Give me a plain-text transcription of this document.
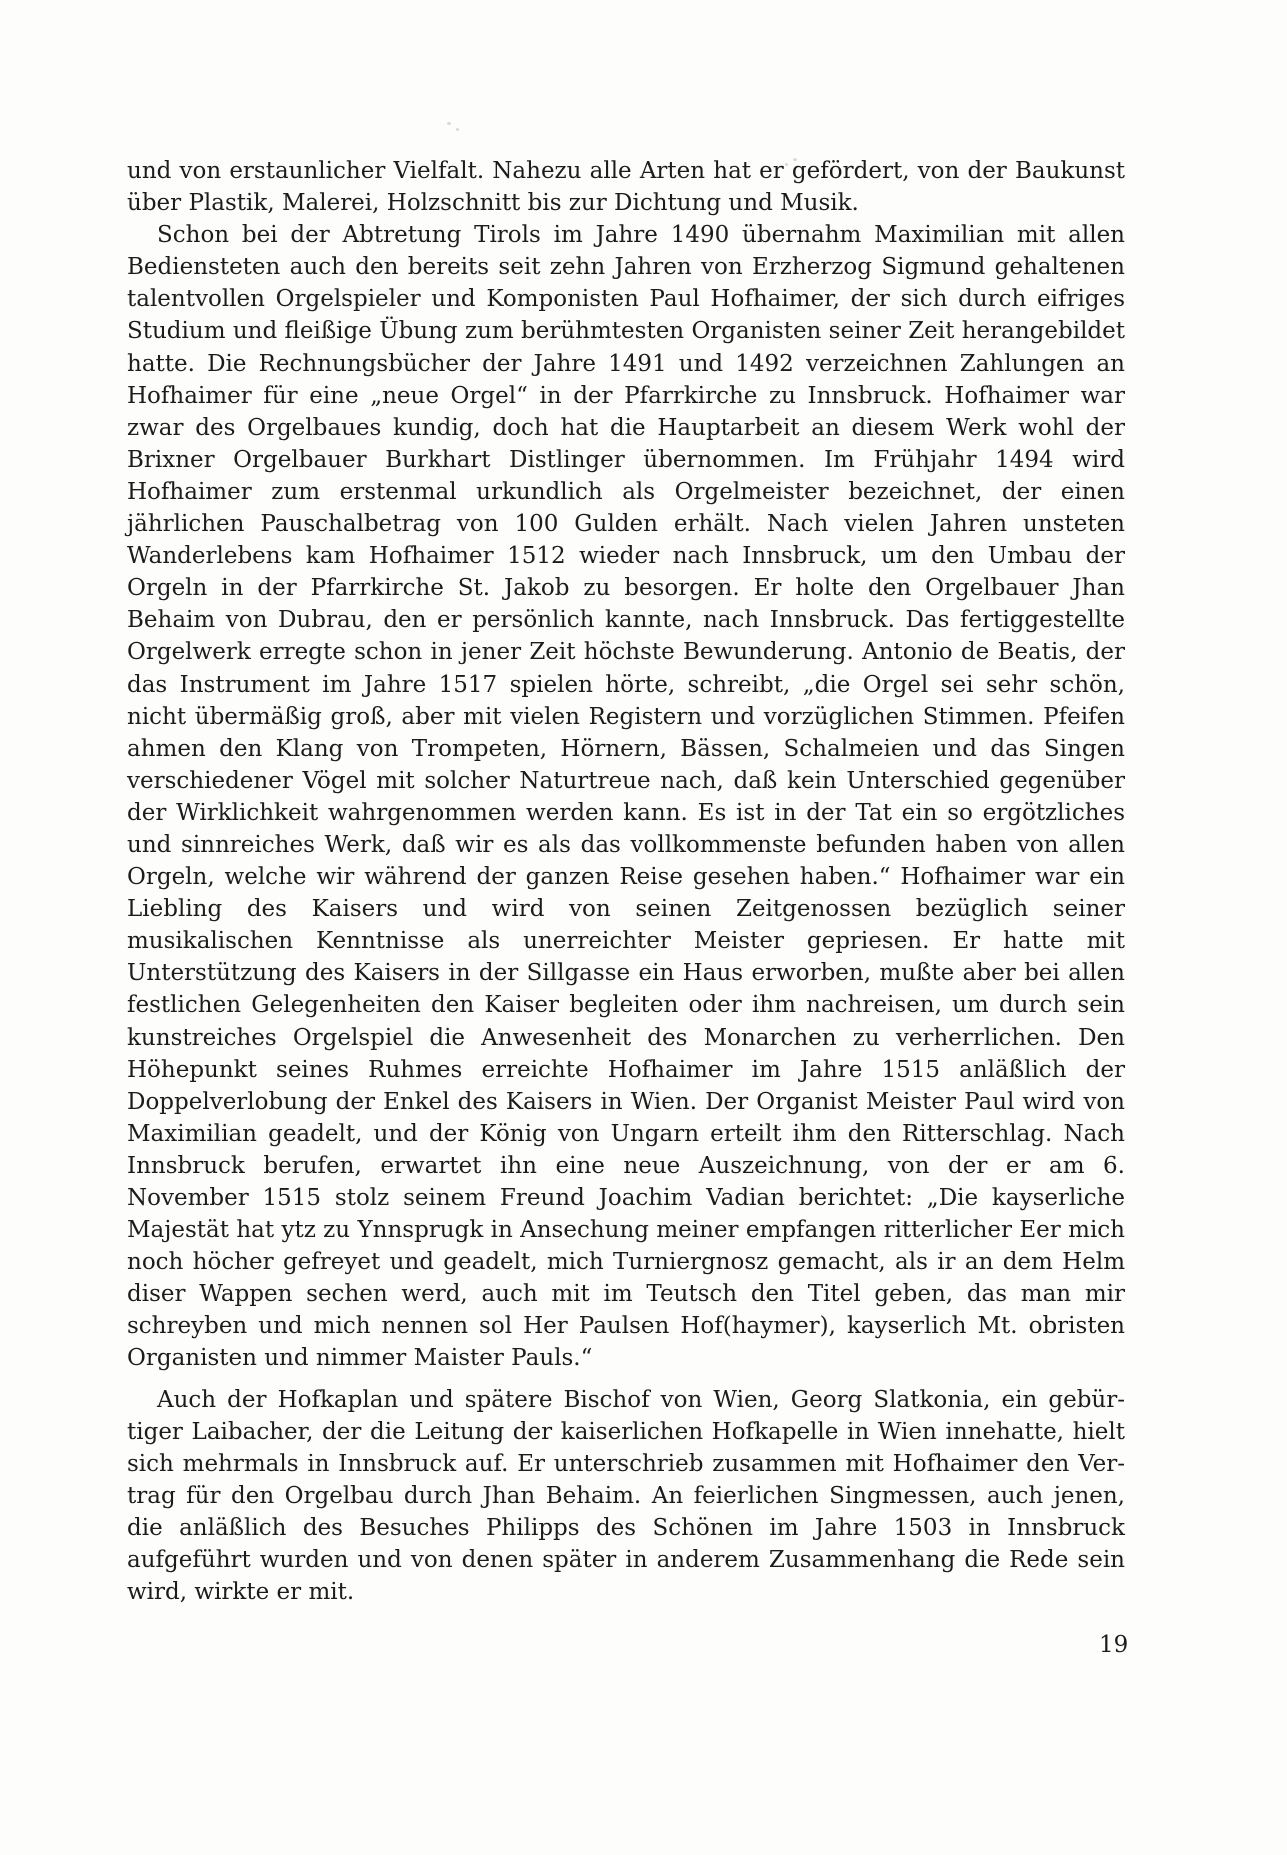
und von erstaunlicher Vielfalt. Nahezu alle Arten hat er gefördert, von der Baukunst über Plastik, Malerei, Holzschnitt bis zur Dichtung und Musik.

Schon bei der Abtretung Tirols im Jahre 1490 übernahm Maximilian mit allen Bediensteten auch den bereits seit zehn Jahren von Erzherzog Sigmund gehaltenen talentvollen Orgelspieler und Komponisten Paul Hofhaimer, der sich durch eifriges Studium und fleißige Übung zum berühmtesten Organisten seiner Zeit herangebildet hatte. Die Rechnungsbücher der Jahre 1491 und 1492 verzeichnen Zahlungen an Hofhaimer für eine „neue Orgel“ in der Pfarrkirche zu Innsbruck. Hofhaimer war zwar des Orgelbaues kundig, doch hat die Hauptarbeit an diesem Werk wohl der Brixner Orgelbauer Burkhart Distlinger übernommen. Im Frühjahr 1494 wird Hofhaimer zum erstenmal urkundlich als Orgelmeister bezeichnet, der einen jährlichen Pauschalbetrag von 100 Gulden erhält. Nach vielen Jahren unsteten Wanderlebens kam Hofhaimer 1512 wieder nach Innsbruck, um den Umbau der Orgeln in der Pfarrkirche St. Jakob zu besorgen. Er holte den Orgelbauer Jhan Behaim von Dubrau, den er persönlich kannte, nach Innsbruck. Das fertiggestellte Orgelwerk erregte schon in jener Zeit höchste Bewunderung. Antonio de Beatis, der das Instrument im Jahre 1517 spielen hörte, schreibt, „die Orgel sei sehr schön, nicht übermäßig groß, aber mit vielen Registern und vorzüglichen Stimmen. Pfeifen ahmen den Klang von Trompeten, Hörnern, Bässen, Schalmeien und das Singen verschiedener Vögel mit solcher Naturtreue nach, daß kein Unterschied gegenüber der Wirklichkeit wahrgenommen werden kann. Es ist in der Tat ein so ergötzliches und sinnreiches Werk, daß wir es als das vollkommenste befunden haben von allen Orgeln, welche wir während der ganzen Reise gesehen haben.“ Hofhaimer war ein Liebling des Kaisers und wird von seinen Zeitgenossen bezüglich seiner musikalischen Kenntnisse als unerreichter Meister gepriesen. Er hatte mit Unterstützung des Kaisers in der Sillgasse ein Haus erworben, mußte aber bei allen festlichen Gelegenheiten den Kaiser begleiten oder ihm nachreisen, um durch sein kunstreiches Orgelspiel die Anwesenheit des Monarchen zu verherrlichen. Den Höhepunkt seines Ruhmes erreichte Hofhaimer im Jahre 1515 anläßlich der Doppelverlobung der Enkel des Kaisers in Wien. Der Organist Meister Paul wird von Maximilian geadelt, und der König von Ungarn erteilt ihm den Ritterschlag. Nach Innsbruck berufen, erwartet ihn eine neue Auszeichnung, von der er am 6. November 1515 stolz seinem Freund Joachim Vadian berichtet: „Die kayserliche Majestät hat ytz zu Ynnsprugk in Ansechung meiner empfangen ritterlicher Eer mich noch höcher gefreyet und geadelt, mich Turniergnosz gemacht, als ir an dem Helm diser Wappen sechen werd, auch mit im Teutsch den Titel geben, das man mir schreyben und mich nennen sol Her Paulsen Hof(haymer), kayserlich Mt. obristen Organisten und nimmer Maister Pauls.“

Auch der Hofkaplan und spätere Bischof von Wien, Georg Slatkonia, ein gebürtiger Laibacher, der die Leitung der kaiserlichen Hofkapelle in Wien innehatte, hielt sich mehrmals in Innsbruck auf. Er unterschrieb zusammen mit Hofhaimer den Vertrag für den Orgelbau durch Jhan Behaim. An feierlichen Singmessen, auch jenen, die anläßlich des Besuches Philipps des Schönen im Jahre 1503 in Innsbruck aufgeführt wurden und von denen später in anderem Zusammenhang die Rede sein wird, wirkte er mit.

19
